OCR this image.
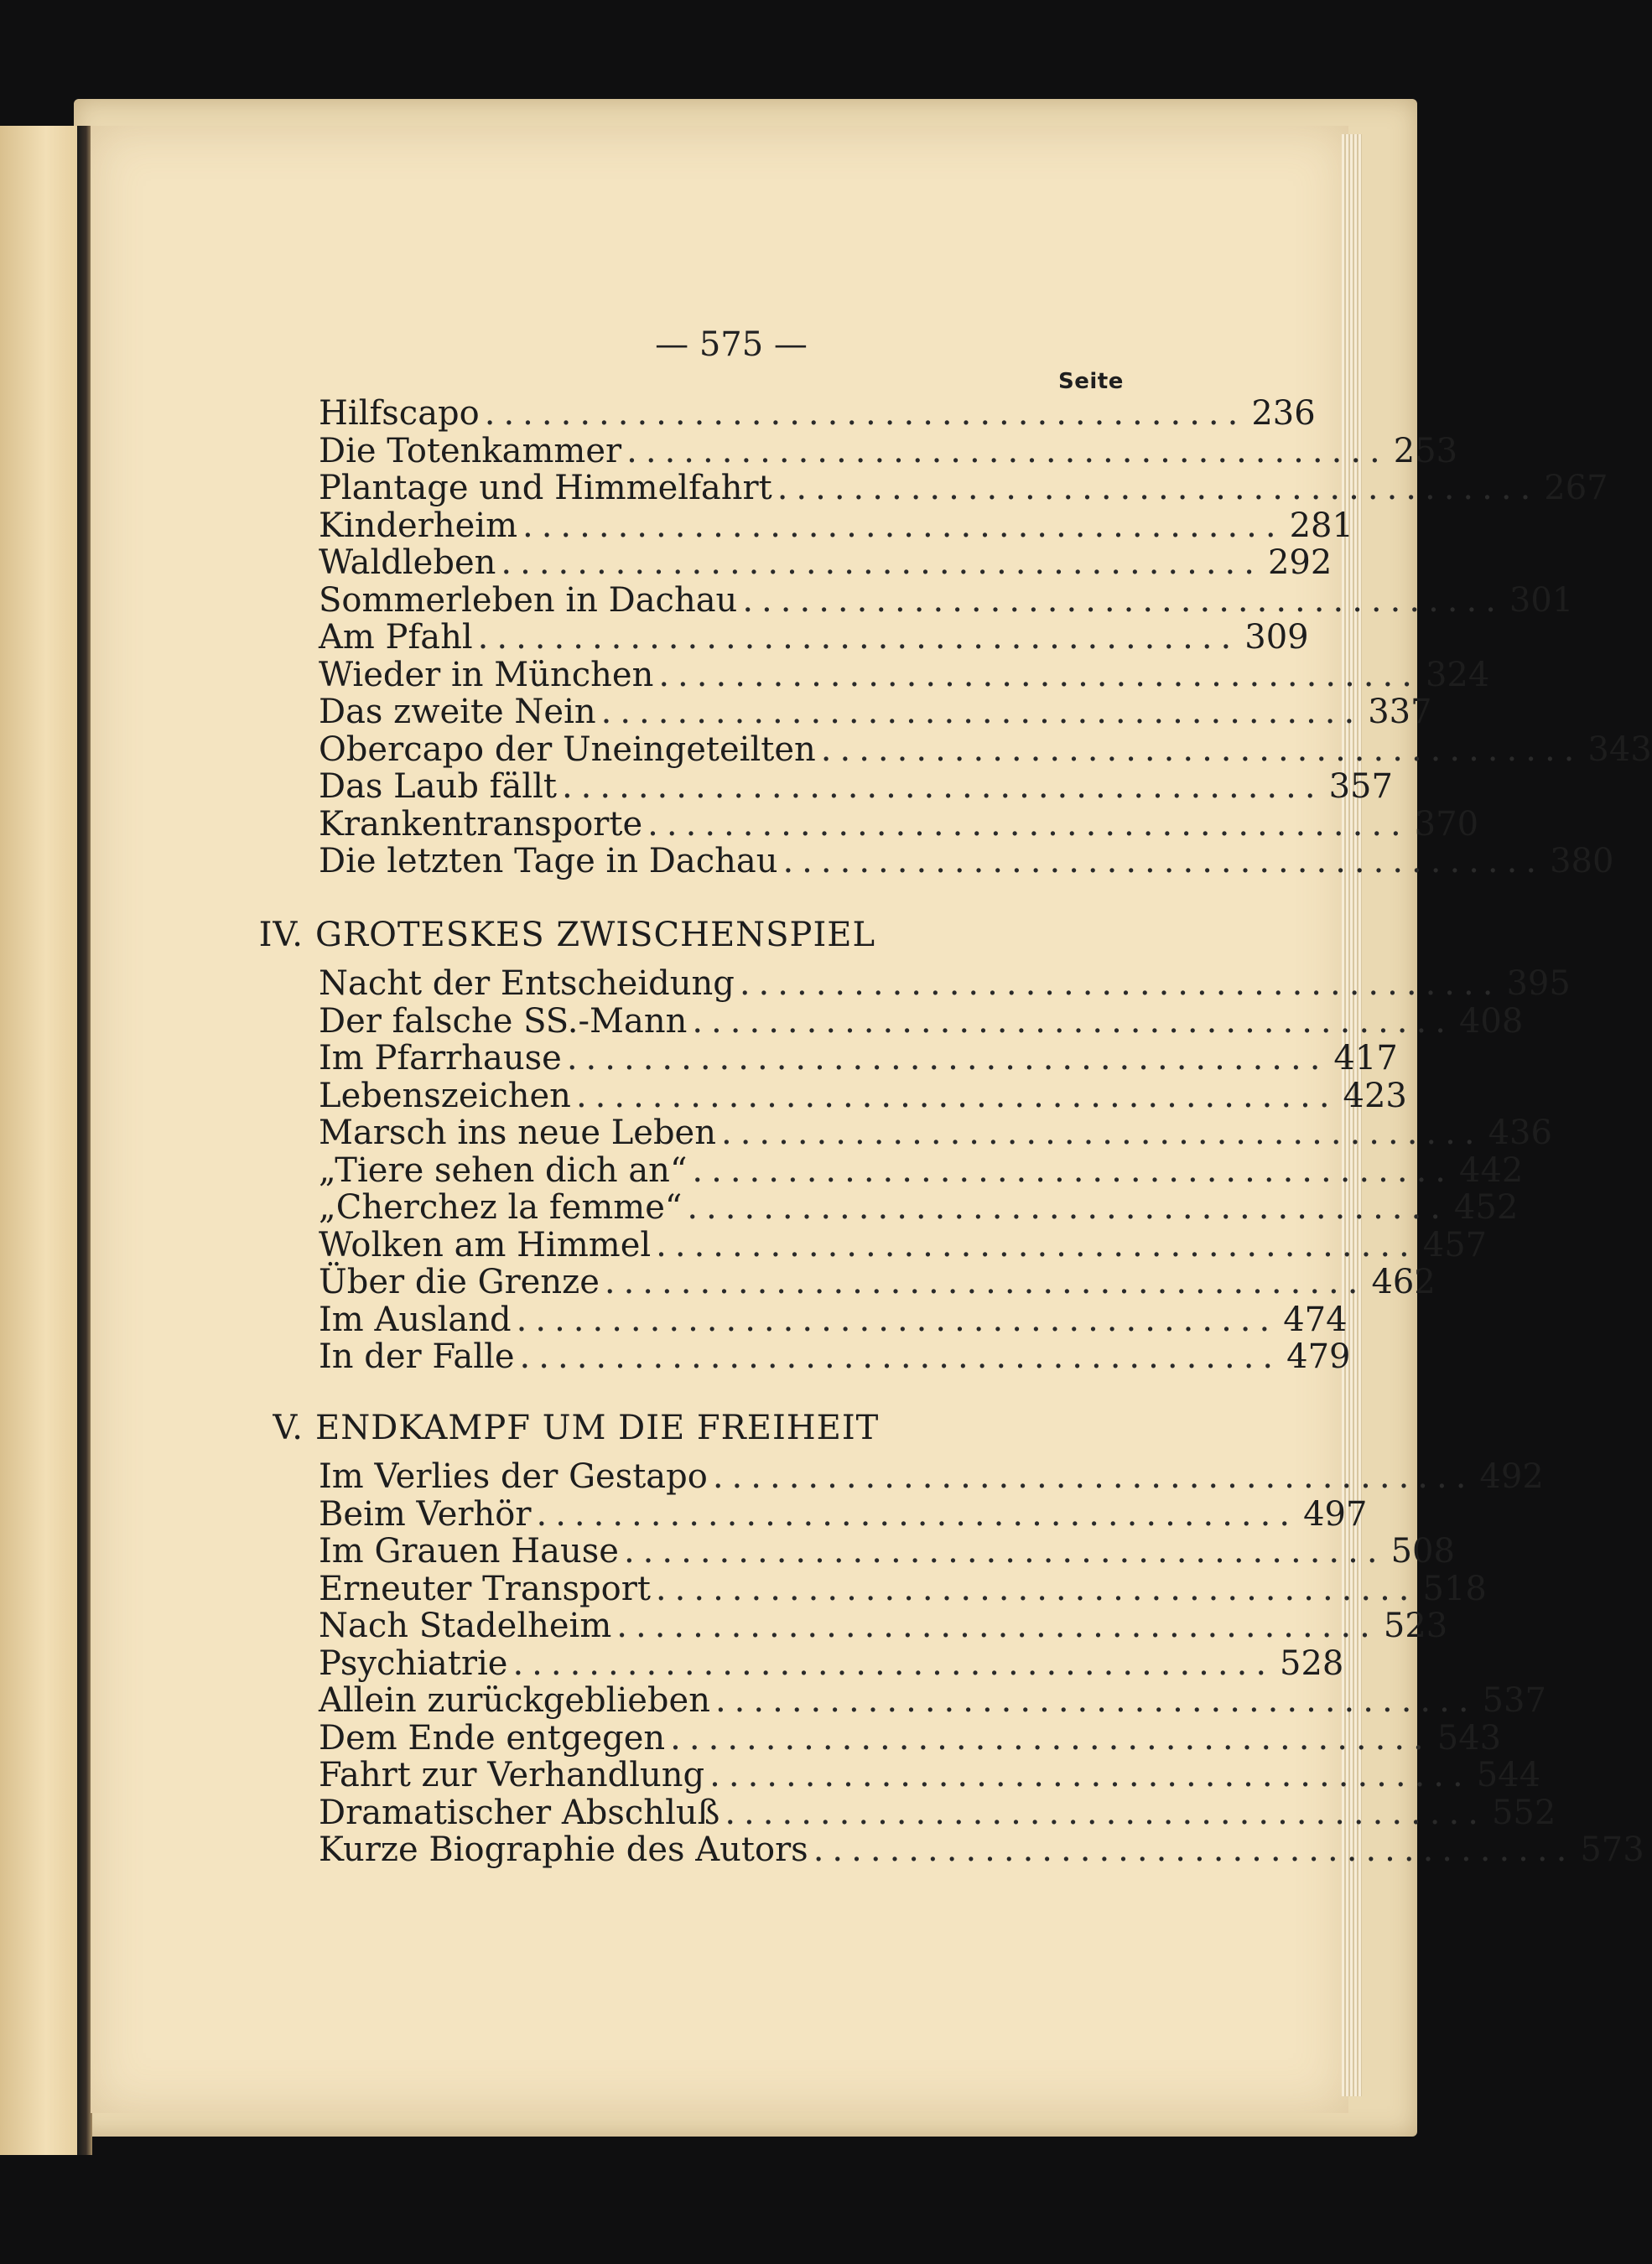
— 575 —
Seite
Hilfscapo ........................................ 236
Die Totenkammer ........................................ 253
Plantage und Himmelfahrt ........................................ 267
Kinderheim ........................................ 281
Waldleben ........................................ 292
Sommerleben in Dachau ........................................ 301
Am Pfahl ........................................ 309
Wieder in München ........................................ 324
Das zweite Nein ........................................ 337
Obercapo der Uneingeteilten ........................................ 343
Das Laub fällt ........................................ 357
Krankentransporte ........................................ 370
Die letzten Tage in Dachau ........................................ 380
IV. GROTESKES ZWISCHENSPIEL
Nacht der Entscheidung ........................................ 395
Der falsche SS.-Mann ........................................ 408
Im Pfarrhause ........................................ 417
Lebenszeichen ........................................ 423
Marsch ins neue Leben ........................................ 436
„Tiere sehen dich an“ ........................................ 442
„Cherchez la femme“ ........................................ 452
Wolken am Himmel ........................................ 457
Über die Grenze ........................................ 462
Im Ausland ........................................ 474
In der Falle ........................................ 479
V. ENDKAMPF UM DIE FREIHEIT
Im Verlies der Gestapo ........................................ 492
Beim Verhör ........................................ 497
Im Grauen Hause ........................................ 508
Erneuter Transport ........................................ 518
Nach Stadelheim ........................................ 523
Psychiatrie ........................................ 528
Allein zurückgeblieben ........................................ 537
Dem Ende entgegen ........................................ 543
Fahrt zur Verhandlung ........................................ 544
Dramatischer Abschluß ........................................ 552
Kurze Biographie des Autors ........................................ 573
